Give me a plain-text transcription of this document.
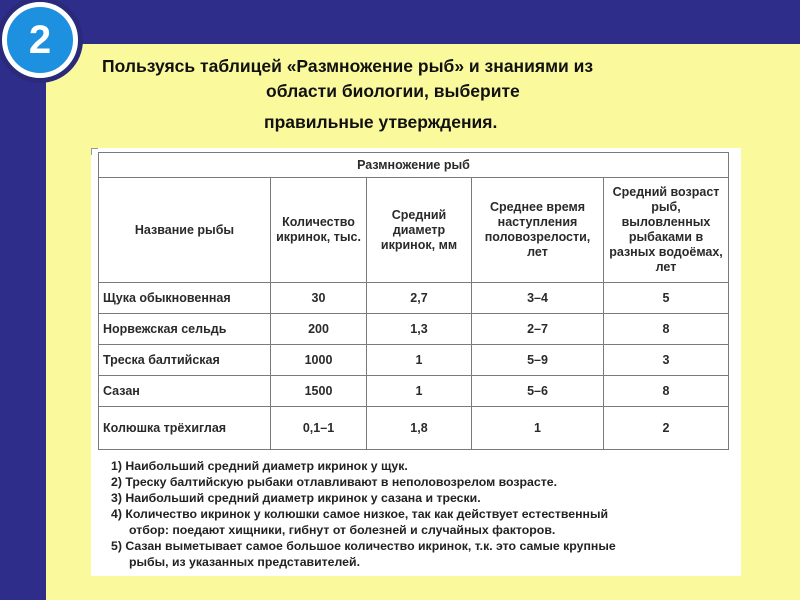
2
Пользуясь таблицей «Размножение рыб» и знаниями из
области биологии, выберите
правильные утверждения.
Размножение рыб				
Название рыбы	Количество икринок, тыс.	Средний диаметр икринок, мм	Среднее время наступления половозрелости, лет	Средний возраст рыб, выловленных рыбаками в разных водоёмах, лет
Щука обыкновенная	30	2,7	3–4	5
Норвежская сельдь	200	1,3	2–7	8
Треска балтийская	1000	1	5–9	3
Сазан	1500	1	5–6	8
Колюшка трёхиглая	0,1–1	1,8	1	2
1) Наибольший средний диаметр икринок у щук.
2) Треску балтийскую рыбаки отлавливают в неполовозрелом возрасте.
3) Наибольший средний диаметр икринок у сазана и трески.
4) Количество икринок у колюшки самое низкое, так как действует естественный
отбор: поедают хищники, гибнут от болезней и случайных факторов.
5) Сазан выметывает самое большое количество икринок, т.к. это самые крупные
рыбы, из указанных представителей.
